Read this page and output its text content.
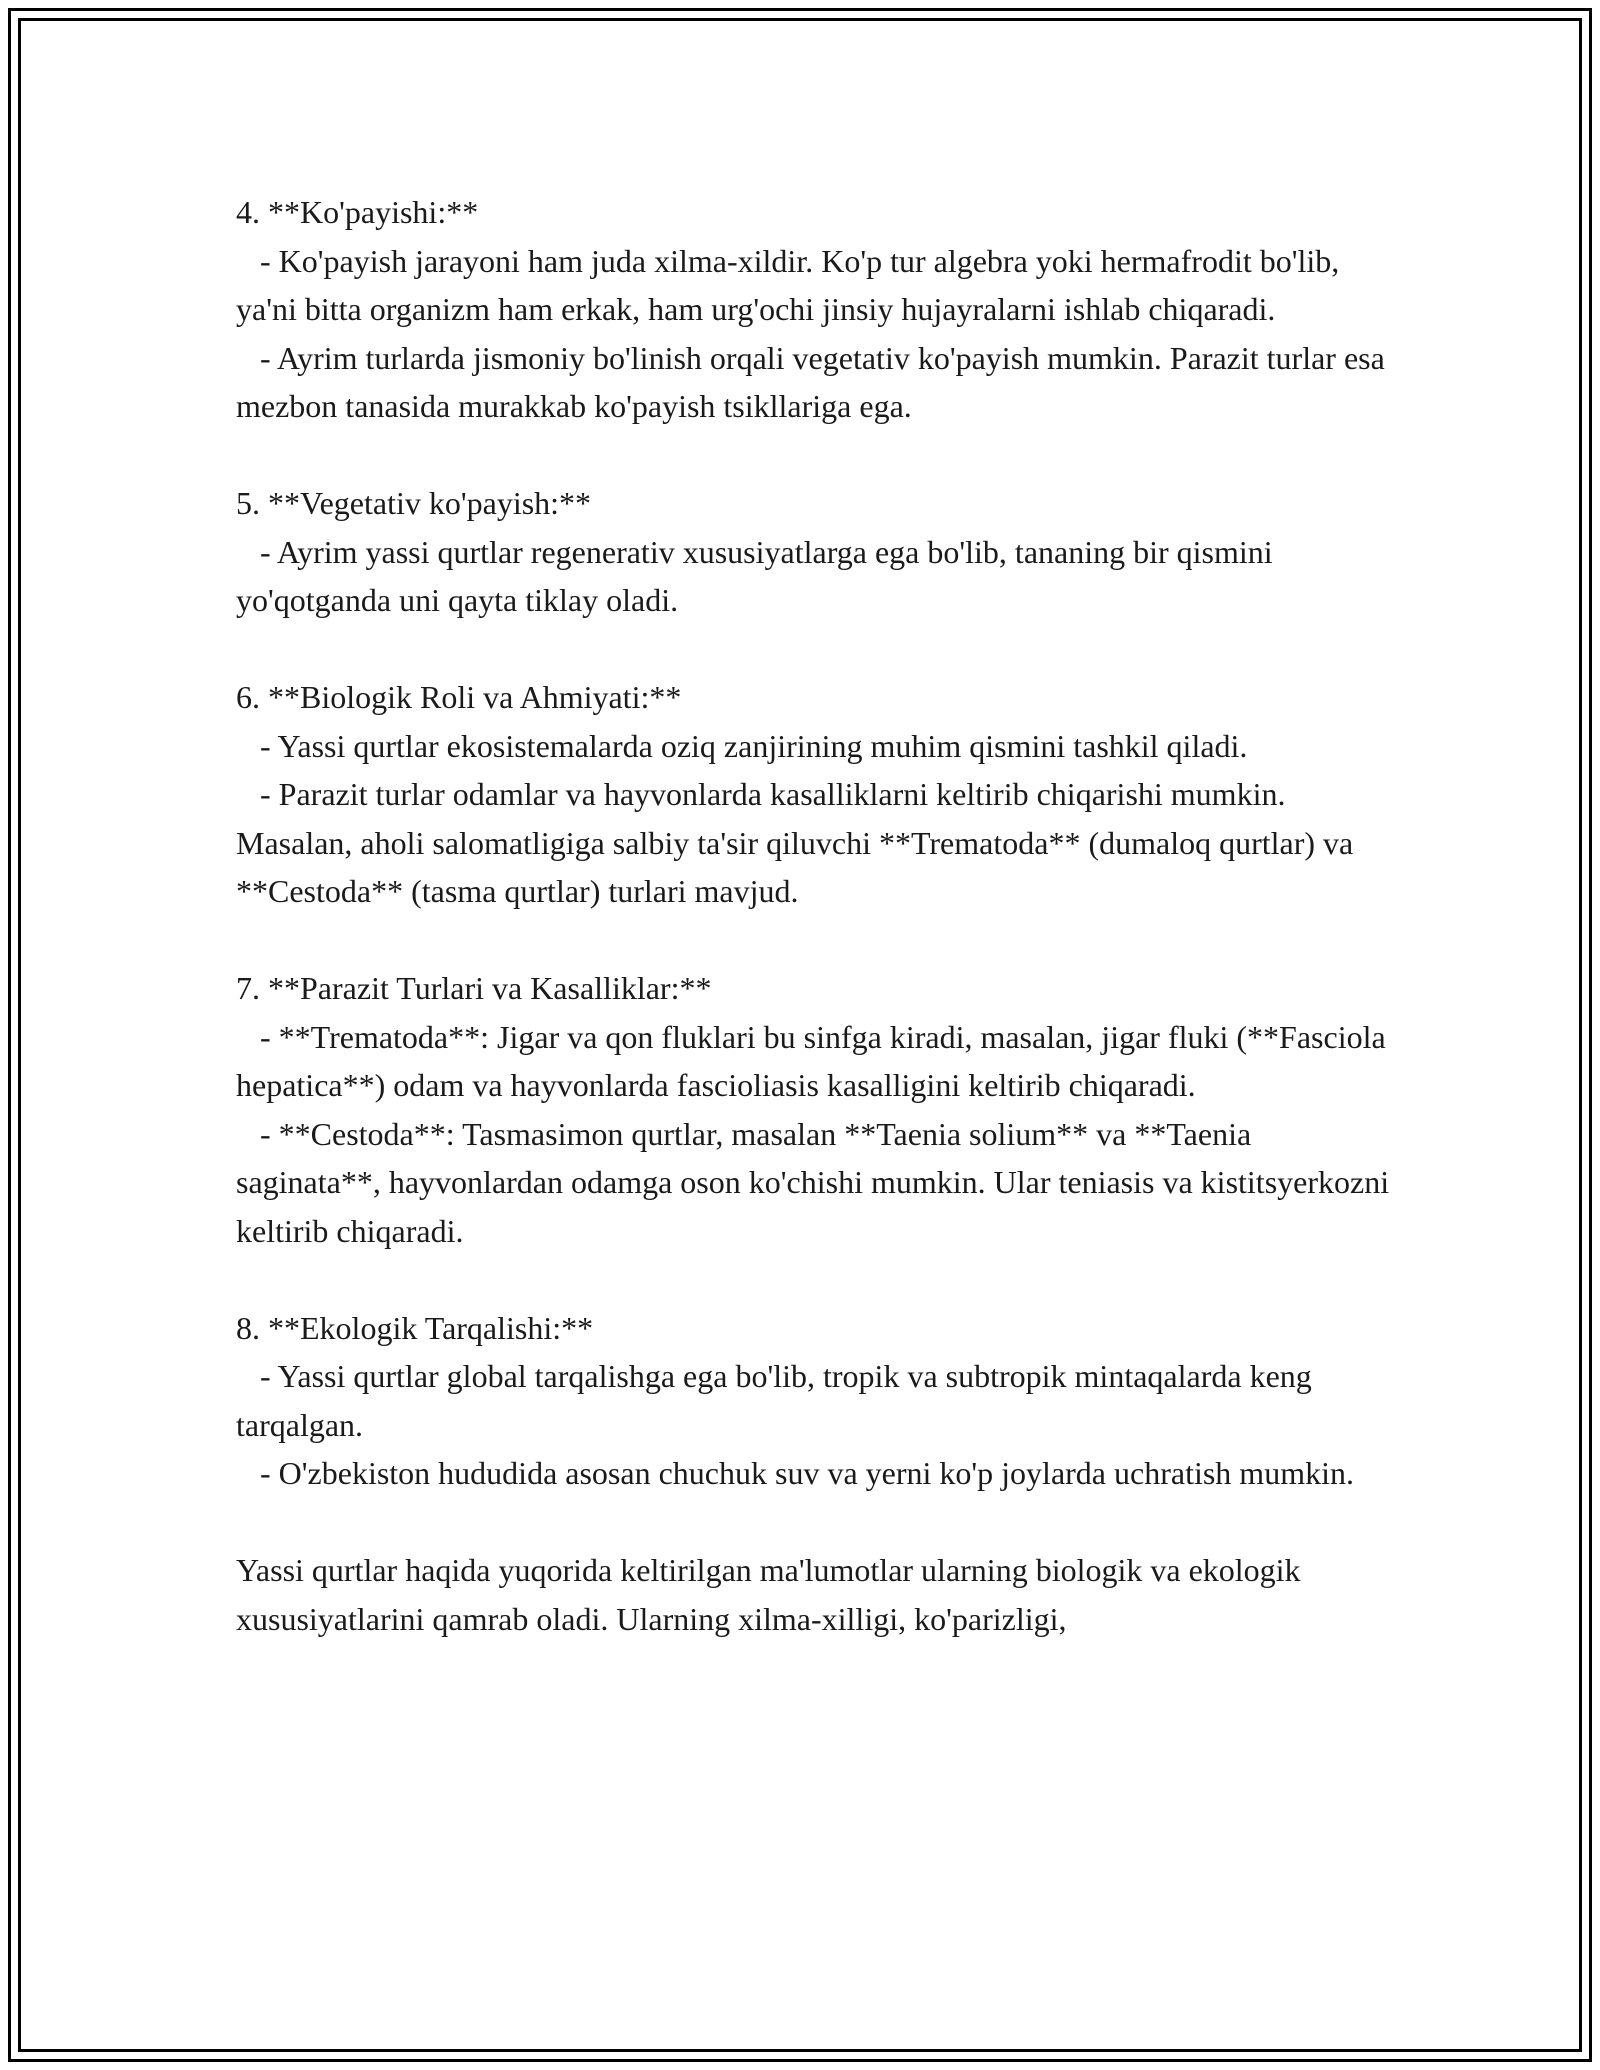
4. **Ko'payishi:**

- Ko'payish jarayoni ham juda xilma-xildir. Ko'p tur algebra yoki hermafrodit bo'lib, ya'ni bitta organizm ham erkak, ham urg'ochi jinsiy hujayralarni ishlab chiqaradi.

- Ayrim turlarda jismoniy bo'linish orqali vegetativ ko'payish mumkin. Parazit turlar esa mezbon tanasida murakkab ko'payish tsikllariga ega.

5. **Vegetativ ko'payish:**

- Ayrim yassi qurtlar regenerativ xususiyatlarga ega bo'lib, tananing bir qismini yo'qotganda uni qayta tiklay oladi.

6. **Biologik Roli va Ahmiyati:**

- Yassi qurtlar ekosistemalarda oziq zanjirining muhim qismini tashkil qiladi.

- Parazit turlar odamlar va hayvonlarda kasalliklarni keltirib chiqarishi mumkin. Masalan, aholi salomatligiga salbiy ta'sir qiluvchi **Trematoda** (dumaloq qurtlar) va **Cestoda** (tasma qurtlar) turlari mavjud.

7. **Parazit Turlari va Kasalliklar:**

- **Trematoda**: Jigar va qon fluklari bu sinfga kiradi, masalan, jigar fluki (**Fasciola hepatica**) odam va hayvonlarda fascioliasis kasalligini keltirib chiqaradi.

- **Cestoda**: Tasmasimon qurtlar, masalan **Taenia solium** va **Taenia saginata**, hayvonlardan odamga oson ko'chishi mumkin. Ular teniasis va kistitsyerkozni keltirib chiqaradi.

8. **Ekologik Tarqalishi:**

- Yassi qurtlar global tarqalishga ega bo'lib, tropik va subtropik mintaqalarda keng tarqalgan.

- O'zbekiston hududida asosan chuchuk suv va yerni ko'p joylarda uchratish mumkin.

Yassi qurtlar haqida yuqorida keltirilgan ma'lumotlar ularning biologik va ekologik xususiyatlarini qamrab oladi. Ularning xilma-xilligi, ko'parizligi,
